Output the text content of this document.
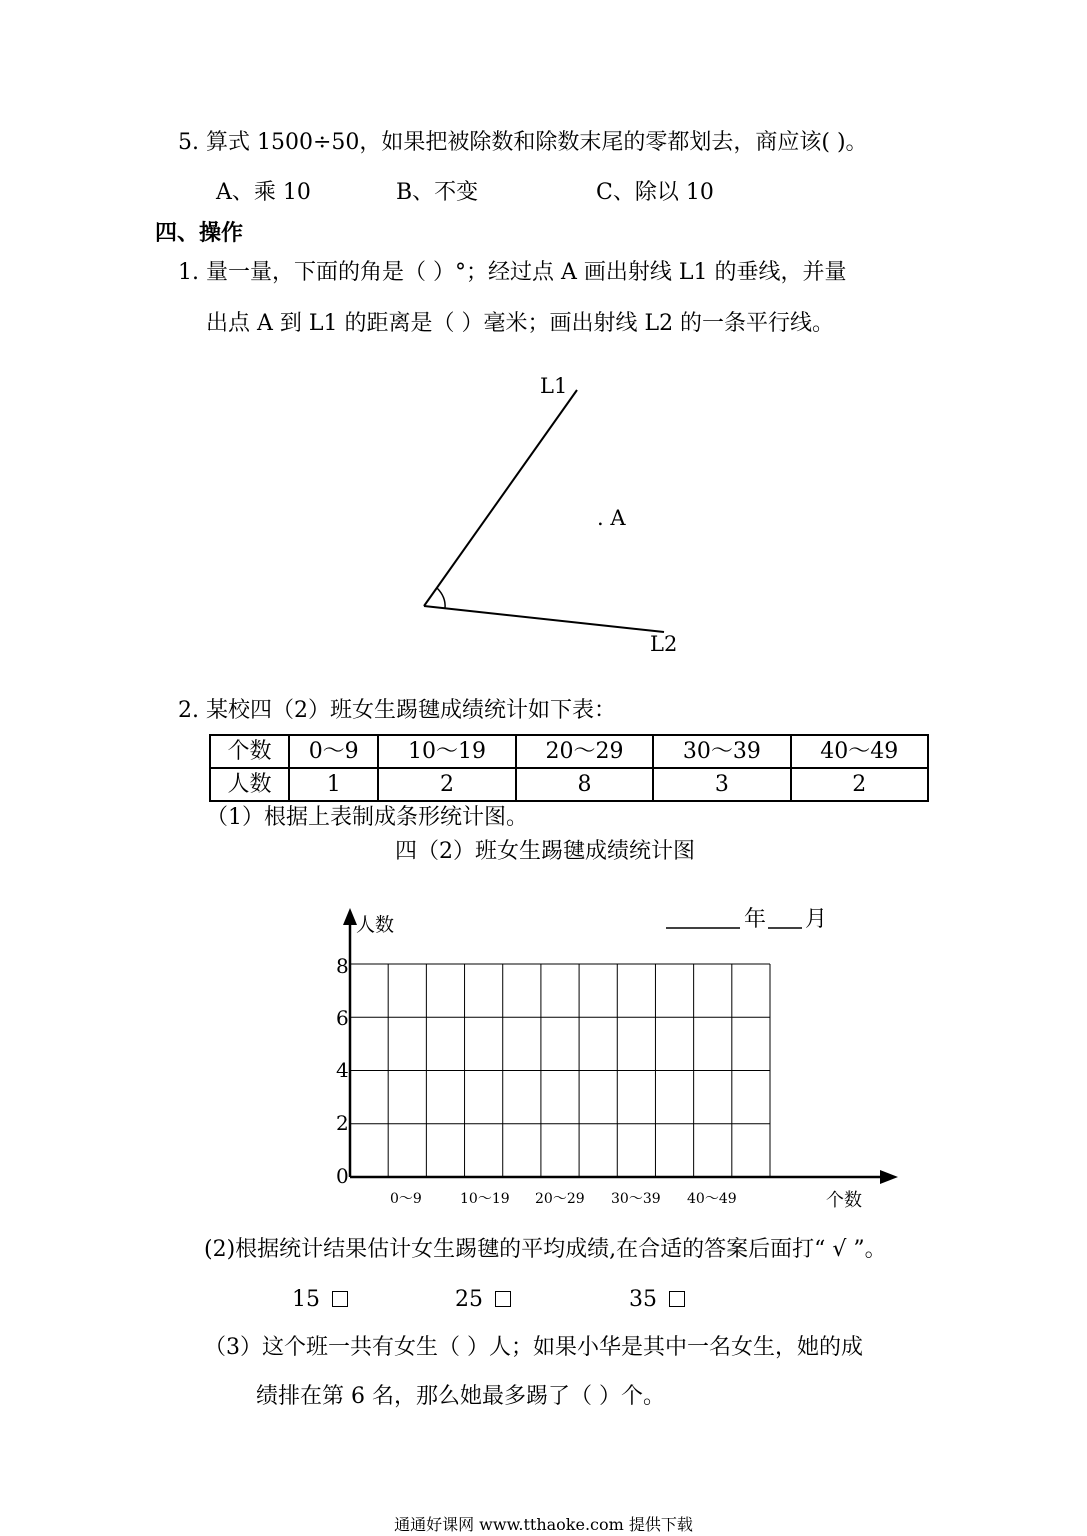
5. 算式 1500÷50，如果把被除数和除数末尾的零都划去，商应该( )。
A、乘 10	B、不变	C、除以 10
四、操作
1. 量一量，下面的角是（ ）°；经过点 A 画出射线 L1 的垂线，并量
出点 A 到 L1 的距离是（ ）毫米；画出射线 L2 的一条平行线。
L1
L2
. A
2. 某校四（2）班女生踢毽成绩统计如下表：
个数	0～9	10～19	20～29	30～39	40～49
人数	1	2	8	3	2
（1）根据上表制成条形统计图。
四（2）班女生踢毽成绩统计图
人数	年 月
0
2
4
6
8
0～9	10～19 20～29 30～39 40～49	个数
(2)根据统计结果估计女生踢毽的平均成绩,在合适的答案后面打“ √ ”。
15	25	35
（3）这个班一共有女生（ ）人；如果小华是其中一名女生，她的成
绩排在第 6 名，那么她最多踢了（ ）个。
通通好课网 www.tthaoke.com 提供下载
